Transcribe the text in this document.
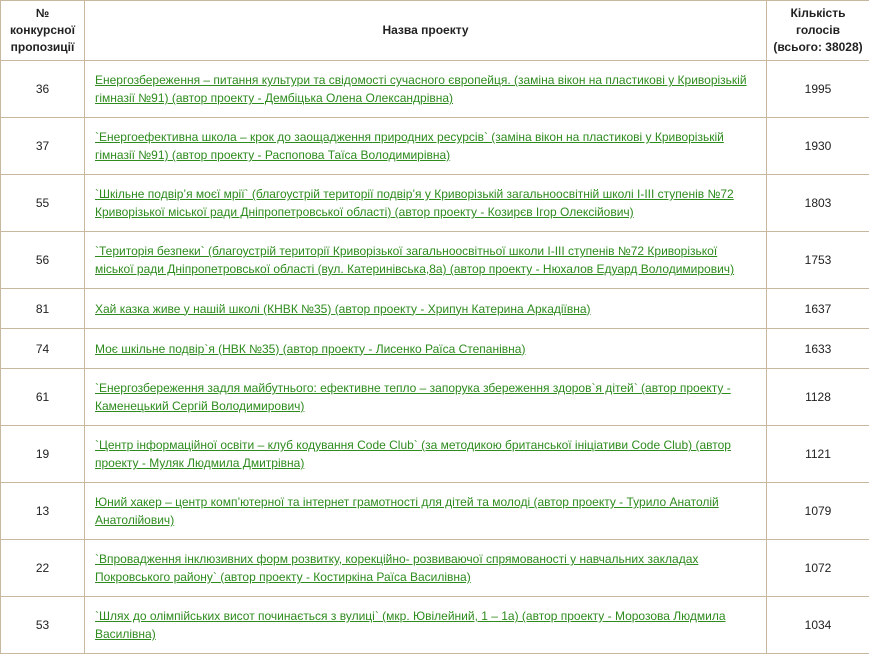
№ конкурсної пропозиції	Назва проекту	Кількість голосів (всього: 38028)
36	Енергозбереження – питання культури та свідомості сучасного європейця. (заміна вікон на пластикові у Криворізькій гімназії №91) (автор проекту - Дембіцька Олена Олександрівна)	1995
37	`Енергоефективна школа – крок до заощадження природних ресурсів` (заміна вікон на пластикові у Криворізькій гімназії №91) (автор проекту - Распопова Таїса Володимирівна)	1930
55	`Шкільне подвір’я моєї мрії` (благоустрій території подвір’я у Криворізькій загальноосвітній школі І-ІІІ ступенів №72 Криворізької міської ради Дніпропетровської області) (автор проекту - Козирєв Ігор Олексійович)	1803
56	`Територія безпеки` (благоустрій території Криворізької загальноосвітньої школи І-ІІІ ступенів №72 Криворізької міської ради Дніпропетровської області (вул. Катеринівська,8а) (автор проекту - Нюхалов Едуард Володимирович)	1753
81	Хай казка живе у нашій школі (КНВК №35) (автор проекту - Хрипун Катерина Аркадіївна)	1637
74	Моє шкільне подвір`я (НВК №35) (автор проекту - Лисенко Раїса Степанівна)	1633
61	`Енергозбереження задля майбутнього: ефективне тепло – запорука збереження здоров`я дітей` (автор проекту - Каменецький Сергій Володимирович)	1128
19	`Центр інформаційної освіти – клуб кодування Code Club` (за методикою британської ініціативи Code Club) (автор проекту - Муляк Людмила Дмитрівна)	1121
13	Юний хакер – центр комп’ютерної та інтернет грамотності для дітей та молоді (автор проекту - Турило Анатолій Анатолійович)	1079
22	`Впровадження інклюзивних форм розвитку, корекційно- розвиваючої спрямованості у навчальних закладах Покровського району` (автор проекту - Костиркіна Раїса Василівна)	1072
53	`Шлях до олімпійських висот починається з вулиці` (мкр. Ювілейний, 1 – 1а) (автор проекту - Морозова Людмила Василівна)	1034
